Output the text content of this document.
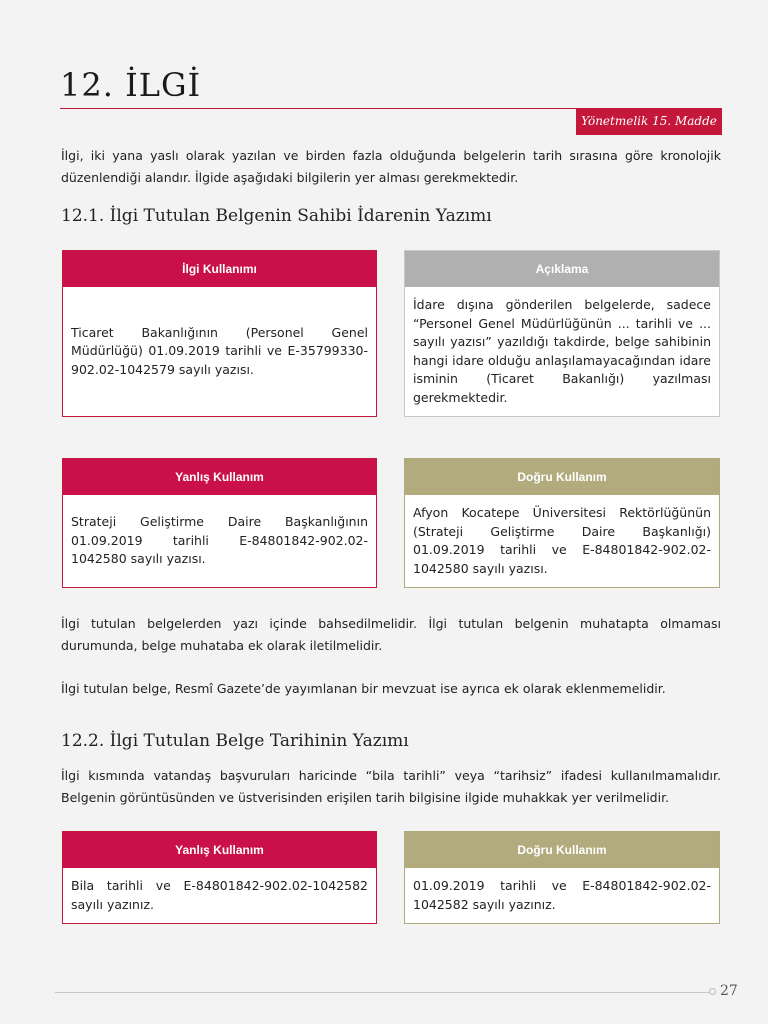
12. İLGİ
Yönetmelik 15. Madde
İlgi, iki yana yaslı olarak yazılan ve birden fazla olduğunda belgelerin tarih sırasına göre kronolojik düzenlendiği alandır. İlgide aşağıdaki bilgilerin yer alması gerekmektedir.
12.1. İlgi Tutulan Belgenin Sahibi İdarenin Yazımı
İlgi Kullanımı
Ticaret Bakanlığının (Personel Genel Müdürlüğü) 01.09.2019 tarihli ve E-35799330-902.02-1042579 sayılı yazısı.
Açıklama
İdare dışına gönderilen belgelerde, sadece “Personel Genel Müdürlüğünün ... tarihli ve ... sayılı yazısı” yazıldığı takdirde, belge sahibinin hangi idare olduğu anlaşılamayacağından idare isminin (Ticaret Bakanlığı) yazılması gerekmektedir.
Yanlış Kullanım
Strateji Geliştirme Daire Başkanlığının 01.09.2019 tarihli E-84801842-902.02-1042580 sayılı yazısı.
Doğru Kullanım
Afyon Kocatepe Üniversitesi Rektörlüğünün (Strateji Geliştirme Daire Başkanlığı) 01.09.2019 tarihli ve E-84801842-902.02-1042580 sayılı yazısı.
İlgi tutulan belgelerden yazı içinde bahsedilmelidir. İlgi tutulan belgenin muhatapta olmaması durumunda, belge muhataba ek olarak iletilmelidir.
İlgi tutulan belge, Resmî Gazete’de yayımlanan bir mevzuat ise ayrıca ek olarak eklenmemelidir.
12.2. İlgi Tutulan Belge Tarihinin Yazımı
İlgi kısmında vatandaş başvuruları haricinde “bila tarihli” veya “tarihsiz” ifadesi kullanılmamalıdır. Belgenin görüntüsünden ve üstverisinden erişilen tarih bilgisine ilgide muhakkak yer verilmelidir.
Yanlış Kullanım
Bila tarihli ve E-84801842-902.02-1042582 sayılı yazınız.
Doğru Kullanım
01.09.2019 tarihli ve E-84801842-902.02-1042582 sayılı yazınız.
27
